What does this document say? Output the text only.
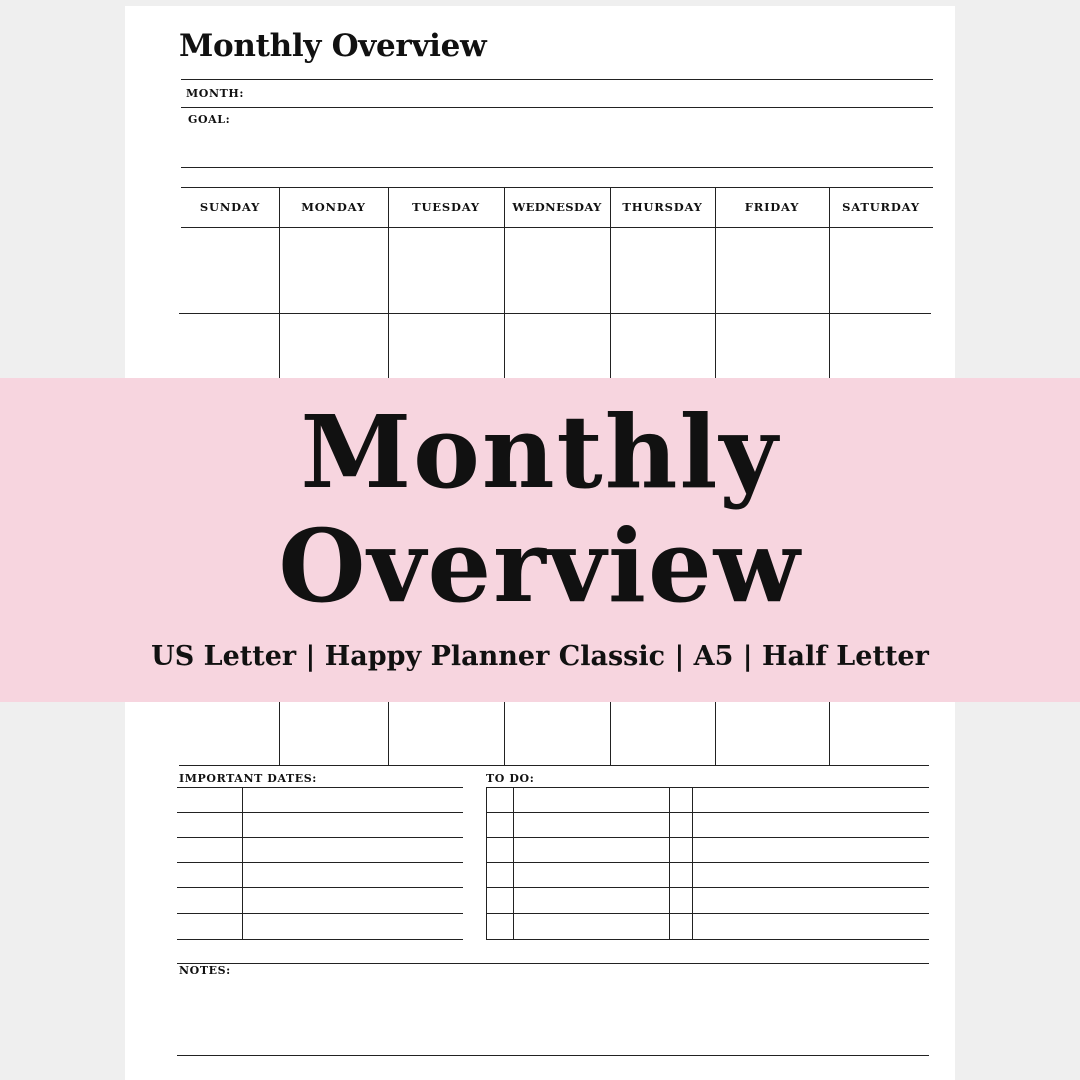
Monthly Overview
MONTH:
GOAL:
SUNDAY	MONDAY	TUESDAY	WEDNESDAY	THURSDAY	FRIDAY	SATURDAY
IMPORTANT DATES:	TO DO:
NOTES:
Monthly
Overview
US Letter | Happy Planner Classic | A5 | Half Letter
